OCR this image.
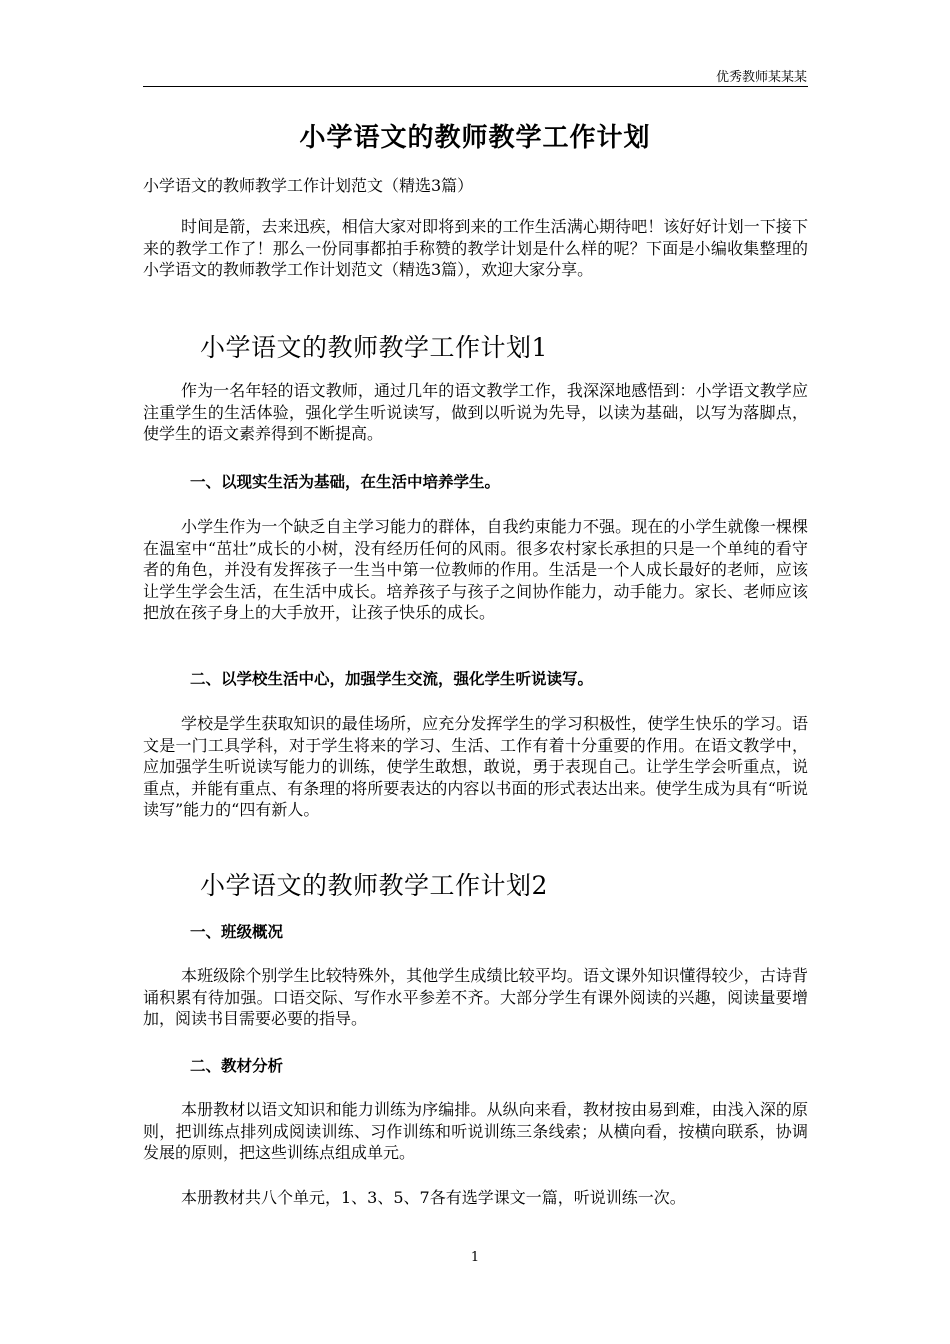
优秀教师某某某
小学语文的教师教学工作计划
小学语文的教师教学工作计划范文（精选3篇）

时间是箭，去来迅疾，相信大家对即将到来的工作生活满心期待吧！该好好计划一下接下来的教学工作了！那么一份同事都拍手称赞的教学计划是什么样的呢？下面是小编收集整理的小学语文的教师教学工作计划范文（精选3篇），欢迎大家分享。

小学语文的教师教学工作计划1

作为一名年轻的语文教师，通过几年的语文教学工作，我深深地感悟到：小学语文教学应注重学生的生活体验，强化学生听说读写，做到以听说为先导，以读为基础，以写为落脚点，使学生的语文素养得到不断提高。

一、以现实生活为基础，在生活中培养学生。

小学生作为一个缺乏自主学习能力的群体，自我约束能力不强。现在的小学生就像一棵棵在温室中“茁壮”成长的小树，没有经历任何的风雨。很多农村家长承担的只是一个单纯的看守者的角色，并没有发挥孩子一生当中第一位教师的作用。生活是一个人成长最好的老师，应该让学生学会生活，在生活中成长。培养孩子与孩子之间协作能力，动手能力。家长、老师应该把放在孩子身上的大手放开，让孩子快乐的成长。

二、以学校生活中心，加强学生交流，强化学生听说读写。

学校是学生获取知识的最佳场所，应充分发挥学生的学习积极性，使学生快乐的学习。语文是一门工具学科，对于学生将来的学习、生活、工作有着十分重要的作用。在语文教学中，应加强学生听说读写能力的训练，使学生敢想，敢说，勇于表现自己。让学生学会听重点，说重点，并能有重点、有条理的将所要表达的内容以书面的形式表达出来。使学生成为具有“听说读写”能力的“四有新人。

小学语文的教师教学工作计划2
一、班级概况

本班级除个别学生比较特殊外，其他学生成绩比较平均。语文课外知识懂得较少，古诗背诵积累有待加强。口语交际、写作水平参差不齐。大部分学生有课外阅读的兴趣，阅读量要增加，阅读书目需要必要的指导。

二、教材分析

本册教材以语文知识和能力训练为序编排。从纵向来看，教材按由易到难，由浅入深的原则，把训练点排列成阅读训练、习作训练和听说训练三条线索；从横向看，按横向联系，协调发展的原则，把这些训练点组成单元。

本册教材共八个单元，1、3、5、7各有选学课文一篇，听说训练一次。

1
